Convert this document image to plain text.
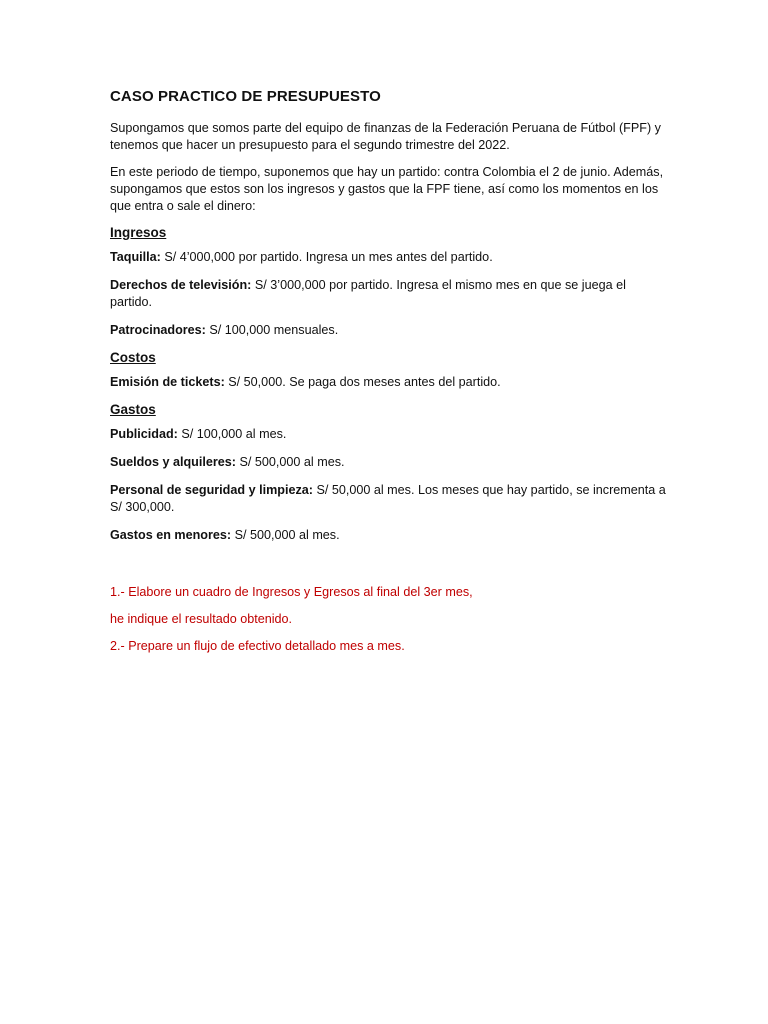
CASO PRACTICO DE PRESUPUESTO

Supongamos que somos parte del equipo de finanzas de la Federación Peruana de Fútbol (FPF) y tenemos que hacer un presupuesto para el segundo trimestre del 2022.

En este periodo de tiempo, suponemos que hay un partido: contra Colombia el 2 de junio. Además, supongamos que estos son los ingresos y gastos que la FPF tiene, así como los momentos en los que entra o sale el dinero:

Ingresos

Taquilla: S/ 4’000,000 por partido. Ingresa un mes antes del partido.

Derechos de televisión: S/ 3’000,000 por partido. Ingresa el mismo mes en que se juega el partido.

Patrocinadores: S/ 100,000 mensuales.

Costos

Emisión de tickets: S/ 50,000. Se paga dos meses antes del partido.

Gastos

Publicidad: S/ 100,000 al mes.

Sueldos y alquileres: S/ 500,000 al mes.

Personal de seguridad y limpieza: S/ 50,000 al mes. Los meses que hay partido, se incrementa a S/ 300,000.

Gastos en menores: S/ 500,000 al mes.

1.- Elabore un cuadro de Ingresos y Egresos al final del 3er mes,

he indique el resultado obtenido.

2.- Prepare un flujo de efectivo detallado mes a mes.
